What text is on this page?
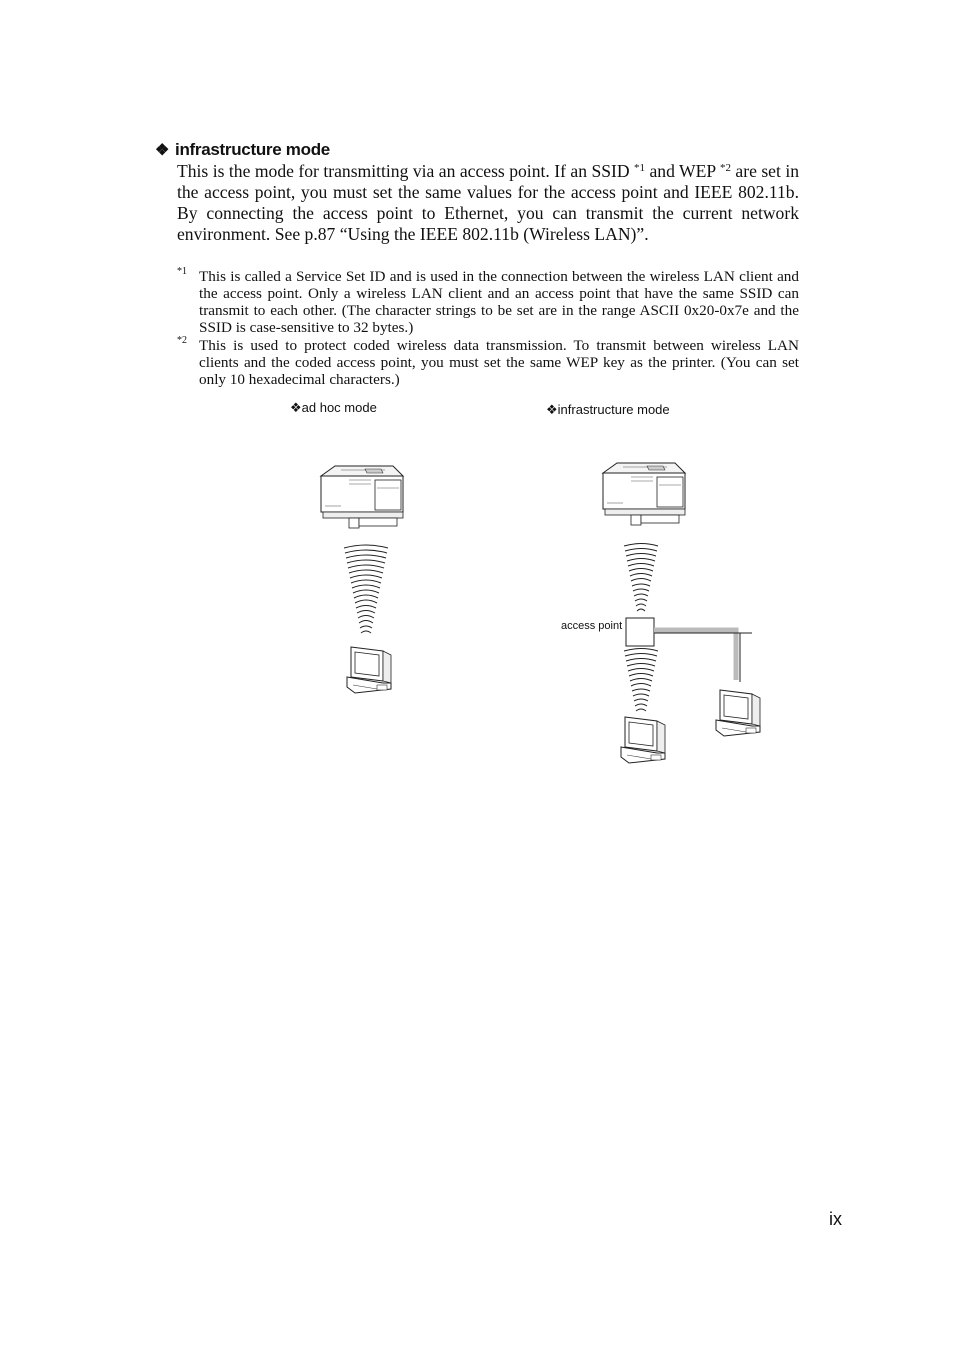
❖ infrastructure mode
This is the mode for transmitting via an access point. If an SSID $^{*1}$ and WEP $^{*2}$ are set in the access point, you must set the same values for the access point and IEEE 802.11b. By connecting the access point to Ethernet, you can transmit the current network environment. See p.87 “Using the IEEE 802.11b (Wireless LAN)”.
*1 This is called a Service Set ID and is used in the connection between the wireless LAN client and the access point. Only a wireless LAN client and an access point that have the same SSID can transmit to each other. (The character strings to be set are in the range ASCII 0x20-0x7e and the SSID is case-sensitive to 32 bytes.)
*2 This is used to protect coded wireless data transmission. To transmit between wireless LAN clients and the coded access point, you must set the same WEP key as the printer. (You can set only 10 hexadecimal characters.)
❖ad hoc mode	❖infrastructure mode
access point
ix
